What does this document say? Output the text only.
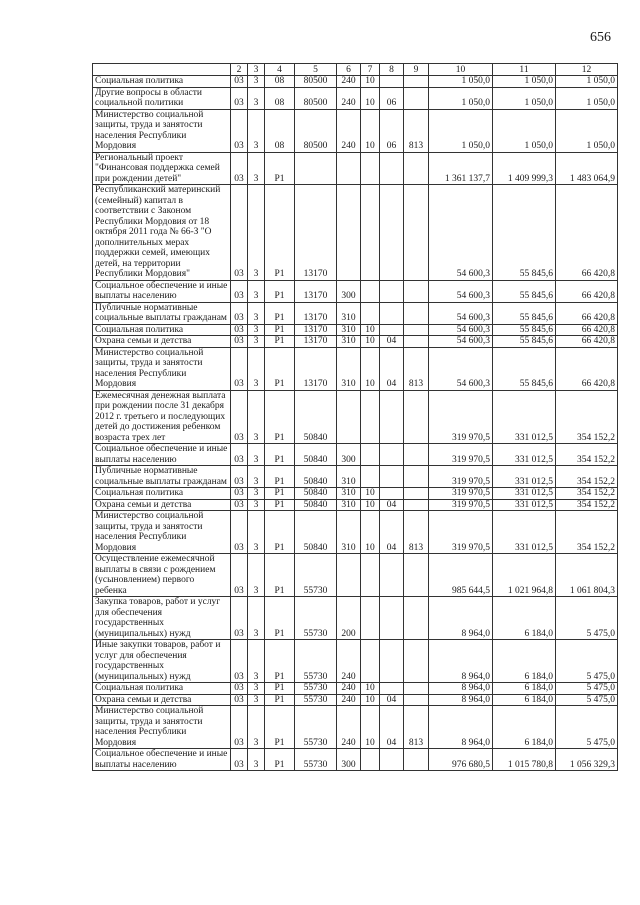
656
	2	3	4	5	6	7	8	9	10	11	12
Социальная политика	03	3	08	80500	240	10			1 050,0	1 050,0	1 050,0
Другие вопросы в области социальной политики	03	3	08	80500	240	10	06		1 050,0	1 050,0	1 050,0
Министерство социальной защиты, труда и занятости населения Республики Мордовия	03	3	08	80500	240	10	06	813	1 050,0	1 050,0	1 050,0
Региональный проект "Финансовая поддержка семей при рождении детей"	03	3	P1						1 361 137,7	1 409 999,3	1 483 064,9
Республиканский материнский (семейный) капитал в соответствии с Законом Республики Мордовия от 18 октября 2011 года № 66-З "О дополнительных мерах поддержки семей, имеющих детей, на территории Республики Мордовия"	03	3	P1	13170					54 600,3	55 845,6	66 420,8
Социальное обеспечение и иные выплаты населению	03	3	P1	13170	300				54 600,3	55 845,6	66 420,8
Публичные нормативные социальные выплаты гражданам	03	3	P1	13170	310				54 600,3	55 845,6	66 420,8
Социальная политика	03	3	P1	13170	310	10			54 600,3	55 845,6	66 420,8
Охрана семьи и детства	03	3	P1	13170	310	10	04		54 600,3	55 845,6	66 420,8
Министерство социальной защиты, труда и занятости населения Республики Мордовия	03	3	P1	13170	310	10	04	813	54 600,3	55 845,6	66 420,8
Ежемесячная денежная выплата при рождении после 31 декабря 2012 г. третьего и последующих детей до достижения ребенком возраста трех лет	03	3	P1	50840					319 970,5	331 012,5	354 152,2
Социальное обеспечение и иные выплаты населению	03	3	P1	50840	300				319 970,5	331 012,5	354 152,2
Публичные нормативные социальные выплаты гражданам	03	3	P1	50840	310				319 970,5	331 012,5	354 152,2
Социальная политика	03	3	P1	50840	310	10			319 970,5	331 012,5	354 152,2
Охрана семьи и детства	03	3	P1	50840	310	10	04		319 970,5	331 012,5	354 152,2
Министерство социальной защиты, труда и занятости населения Республики Мордовия	03	3	P1	50840	310	10	04	813	319 970,5	331 012,5	354 152,2
Осуществление ежемесячной выплаты в связи с рождением (усыновлением) первого ребенка	03	3	P1	55730					985 644,5	1 021 964,8	1 061 804,3
Закупка товаров, работ и услуг для обеспечения государственных (муниципальных) нужд	03	3	P1	55730	200				8 964,0	6 184,0	5 475,0
Иные закупки товаров, работ и услуг для обеспечения государственных (муниципальных) нужд	03	3	P1	55730	240				8 964,0	6 184,0	5 475,0
Социальная политика	03	3	P1	55730	240	10			8 964,0	6 184,0	5 475,0
Охрана семьи и детства	03	3	P1	55730	240	10	04		8 964,0	6 184,0	5 475,0
Министерство социальной защиты, труда и занятости населения Республики Мордовия	03	3	P1	55730	240	10	04	813	8 964,0	6 184,0	5 475,0
Социальное обеспечение и иные выплаты населению	03	3	P1	55730	300				976 680,5	1 015 780,8	1 056 329,3
